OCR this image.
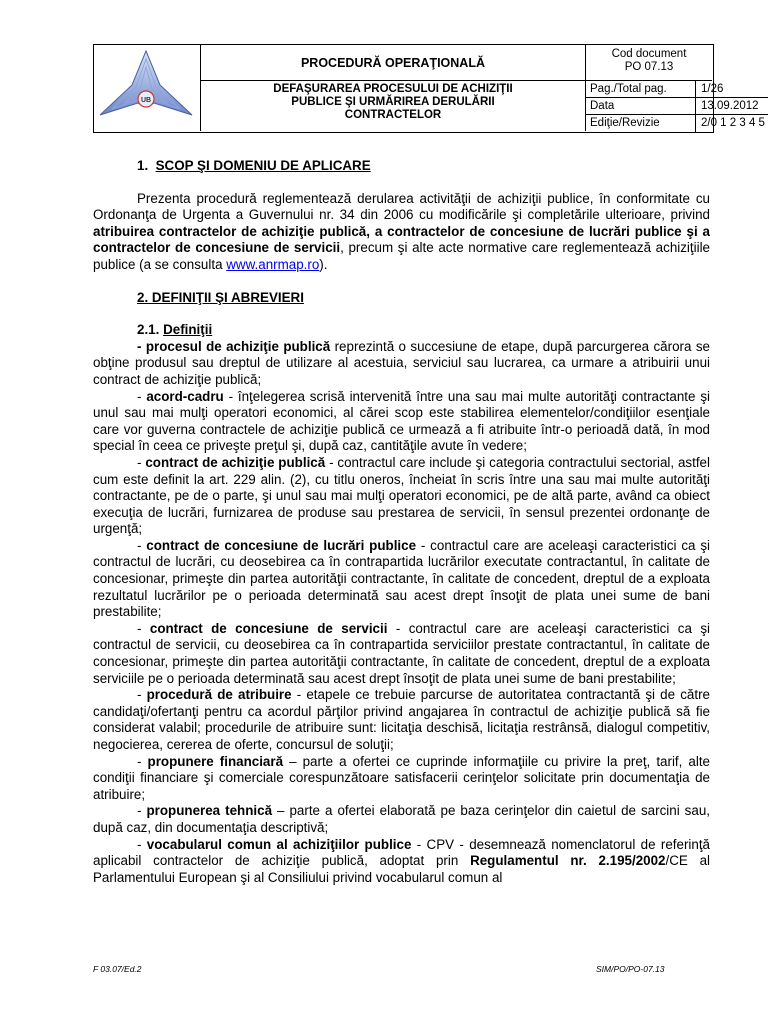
UB
PROCEDURĂ OPERAŢIONALĂ
DEFAŞURAREA PROCESULUI DE ACHIZIŢII
PUBLICE ŞI URMĂRIREA DERULĂRII
CONTRACTELOR
Cod document
PO 07.13
Pag./Total pag.	1/26
Data	13.09.2012
Ediţie/Revizie	2/0 1 2 3 4 5

1. SCOP ŞI DOMENIU DE APLICARE

Prezenta procedură reglementează derularea activităţii de achiziţii publice, în conformitate cu Ordonanţa de Urgenta a Guvernului nr. 34 din 2006 cu modificările şi completările ulterioare, privind atribuirea contractelor de achiziţie publică, a contractelor de concesiune de lucrări publice şi a contractelor de concesiune de servicii, precum şi alte acte normative care reglementează achiziţiile publice (a se consulta www.anrmap.ro).

2. DEFINIŢII ŞI ABREVIERI

2.1. Definiţii

- procesul de achiziţie publică reprezintă o succesiune de etape, după parcurgerea cărora se obţine produsul sau dreptul de utilizare al acestuia, serviciul sau lucrarea, ca urmare a atribuirii unui contract de achiziţie publică;

- acord-cadru - înţelegerea scrisă intervenită între una sau mai multe autorităţi contractante şi unul sau mai mulţi operatori economici, al cărei scop este stabilirea elementelor/condiţiilor esenţiale care vor guverna contractele de achiziţie publică ce urmează a fi atribuite într-o perioadă dată, în mod special în ceea ce priveşte preţul şi, după caz, cantităţile avute în vedere;

- contract de achiziţie publică - contractul care include şi categoria contractului sectorial, astfel cum este definit la art. 229 alin. (2), cu titlu oneros, încheiat în scris între una sau mai multe autorităţi contractante, pe de o parte, şi unul sau mai mulţi operatori economici, pe de altă parte, având ca obiect execuţia de lucrări, furnizarea de produse sau prestarea de servicii, în sensul prezentei ordonanţe de urgenţă;

- contract de concesiune de lucrări publice - contractul care are aceleaşi caracteristici ca şi contractul de lucrări, cu deosebirea ca în contrapartida lucrărilor executate contractantul, în calitate de concesionar, primeşte din partea autorităţii contractante, în calitate de concedent, dreptul de a exploata rezultatul lucrărilor pe o perioada determinată sau acest drept însoţit de plata unei sume de bani prestabilite;

- contract de concesiune de servicii - contractul care are aceleaşi caracteristici ca şi contractul de servicii, cu deosebirea ca în contrapartida serviciilor prestate contractantul, în calitate de concesionar, primeşte din partea autorităţii contractante, în calitate de concedent, dreptul de a exploata serviciile pe o perioada determinată sau acest drept însoţit de plata unei sume de bani prestabilite;

- procedură de atribuire - etapele ce trebuie parcurse de autoritatea contractantă şi de către candidaţi/ofertanţi pentru ca acordul părţilor privind angajarea în contractul de achiziţie publică să fie considerat valabil; procedurile de atribuire sunt: licitaţia deschisă, licitaţia restrânsă, dialogul competitiv, negocierea, cererea de oferte, concursul de soluţii;

- propunere financiară – parte a ofertei ce cuprinde informaţiile cu privire la preţ, tarif, alte condiţii financiare şi comerciale corespunzătoare satisfacerii cerinţelor solicitate prin documentaţia de atribuire;

- propunerea tehnică – parte a ofertei elaborată pe baza cerinţelor din caietul de sarcini sau, după caz, din documentaţia descriptivă;

- vocabularul comun al achiziţiilor publice - CPV - desemnează nomenclatorul de referinţă aplicabil contractelor de achiziţie publică, adoptat prin Regulamentul nr. 2.195/2002/CE al Parlamentului European şi al Consiliului privind vocabularul comun al

F 03.07/Ed.2	SIM/PO/PO-07.13
